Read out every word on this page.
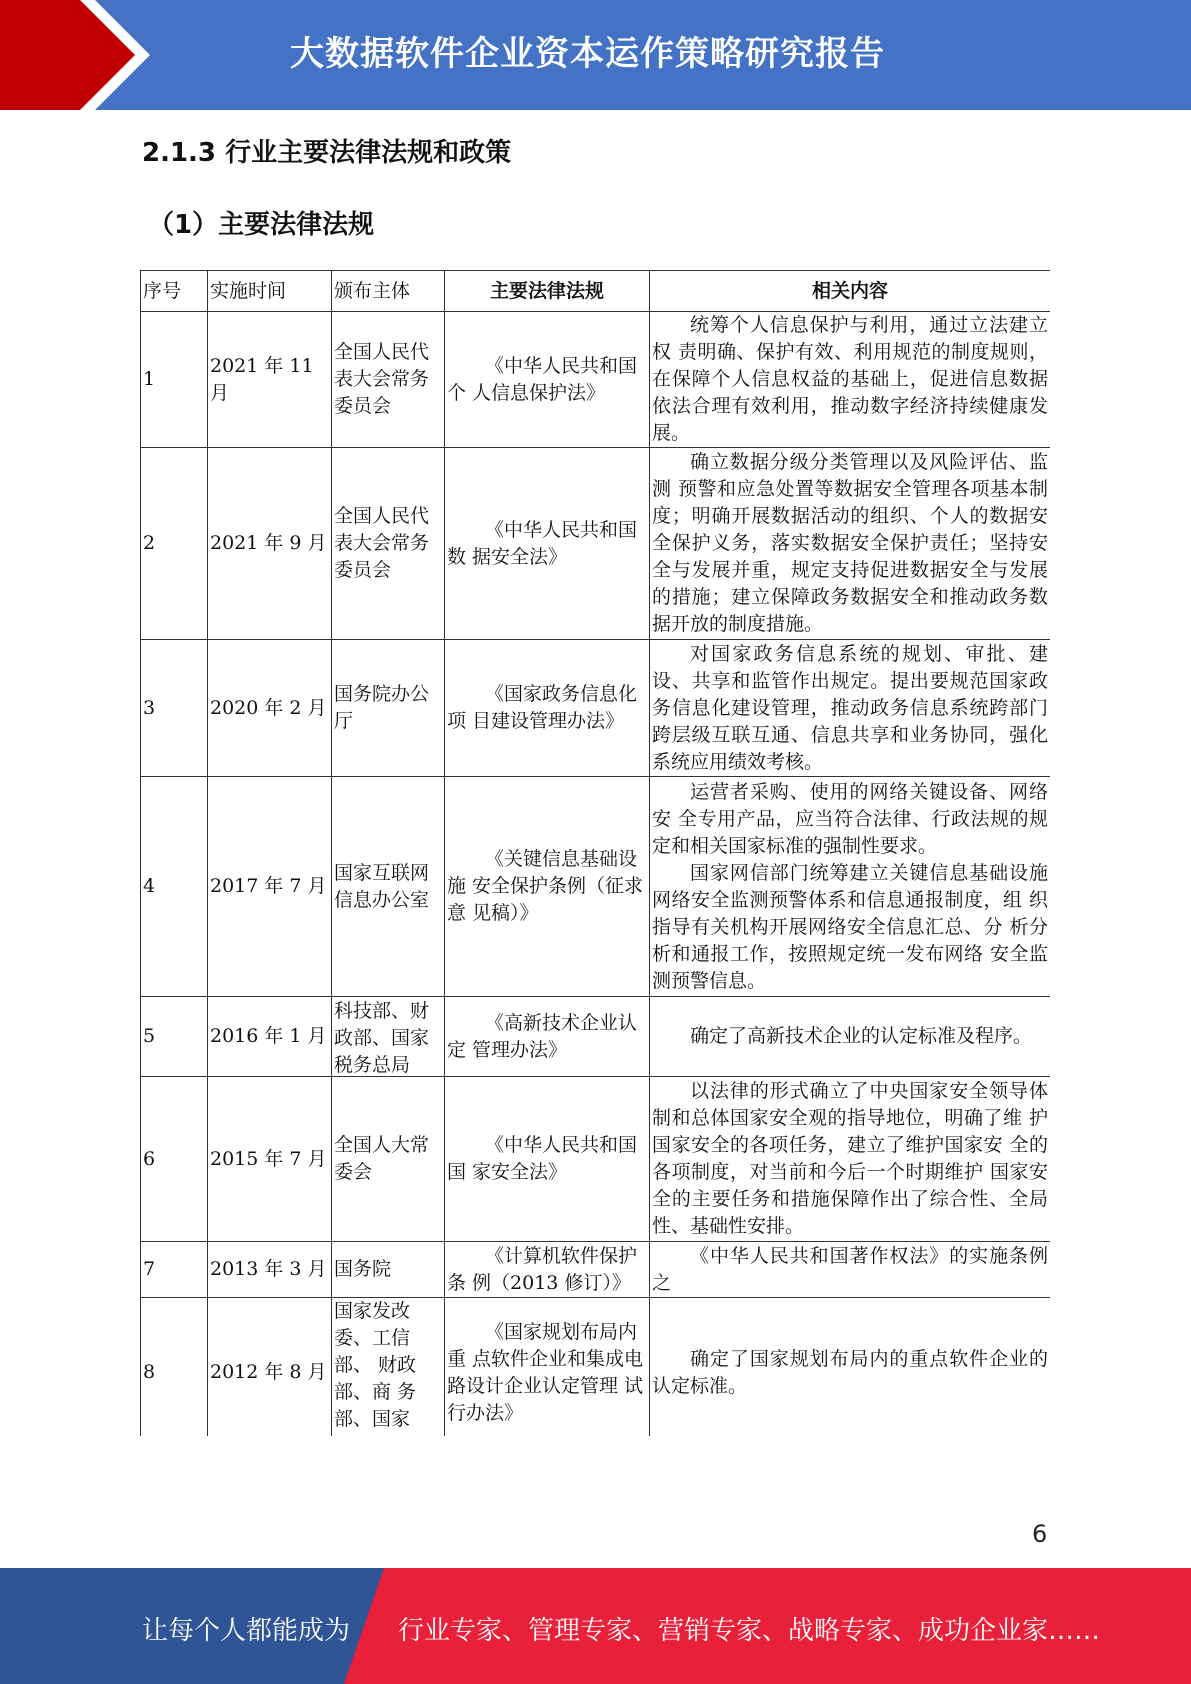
大数据软件企业资本运作策略研究报告
2.1.3 行业主要法律法规和政策
（1）主要法律法规
序号	实施时间	颁布主体	主要法律法规	相关内容
1	2021 年 11 月	全国人民代表大会常务委员会	《中华人民共和国个 人信息保护法》	统筹个人信息保护与利用，通过立法建立权 责明确、保护有效、利用规范的制度规则，在保障个人信息权益的基础上，促进信息数据依法合理有效利用，推动数字经济持续健康发展。

2	2021 年 9 月	全国人民代表大会常务委员会	《中华人民共和国数 据安全法》	确立数据分级分类管理以及风险评估、监测 预警和应急处置等数据安全管理各项基本制度；明确开展数据活动的组织、个人的数据安全保护义务，落实数据安全保护责任；坚持安全与发展并重，规定支持促进数据安全与发展的措施；建立保障政务数据安全和推动政务数据开放的制度措施。

3	2020 年 2 月	国务院办公厅	《国家政务信息化项 目建设管理办法》	对国家政务信息系统的规划、审批、建设、共享和监管作出规定。提出要规范国家政务信息化建设管理，推动政务信息系统跨部门跨层级互联互通、信息共享和业务协同，强化系统应用绩效考核。

4	2017 年 7 月	国家互联网信息办公室	《关键信息基础设施 安全保护条例（征求意 见稿）》	运营者采购、使用的网络关键设备、网络安 全专用产品，应当符合法律、行政法规的规 定和相关国家标准的强制性要求。
国家网信部门统筹建立关键信息基础设施 网络安全监测预警体系和信息通报制度，组 织指导有关机构开展网络安全信息汇总、分 析分析和通报工作，按照规定统一发布网络 安全监测预警信息。

5	2016 年 1 月	科技部、财政部、国家税务总局	《高新技术企业认定 管理办法》	确定了高新技术企业的认定标准及程序。

6	2015 年 7 月	全国人大常委会	《中华人民共和国国 家安全法》	以法律的形式确立了中央国家安全领导体 制和总体国家安全观的指导地位，明确了维 护国家安全的各项任务，建立了维护国家安 全的各项制度，对当前和今后一个时期维护 国家安全的主要任务和措施保障作出了综合性、全局性、基础性安排。

7	2013 年 3 月	国务院	《计算机软件保护条 例（2013 修订）》	《中华人民共和国著作权法》的实施条例之

8	2012 年 8 月	国家发改委、工信部、 财政部、商 务部、国家	《国家规划布局内重 点软件企业和集成电 路设计企业认定管理 试行办法》	确定了国家规划布局内的重点软件企业的 认定标准。
6
让每个人都能成为 行业专家、管理专家、营销专家、战略专家、成功企业家……
